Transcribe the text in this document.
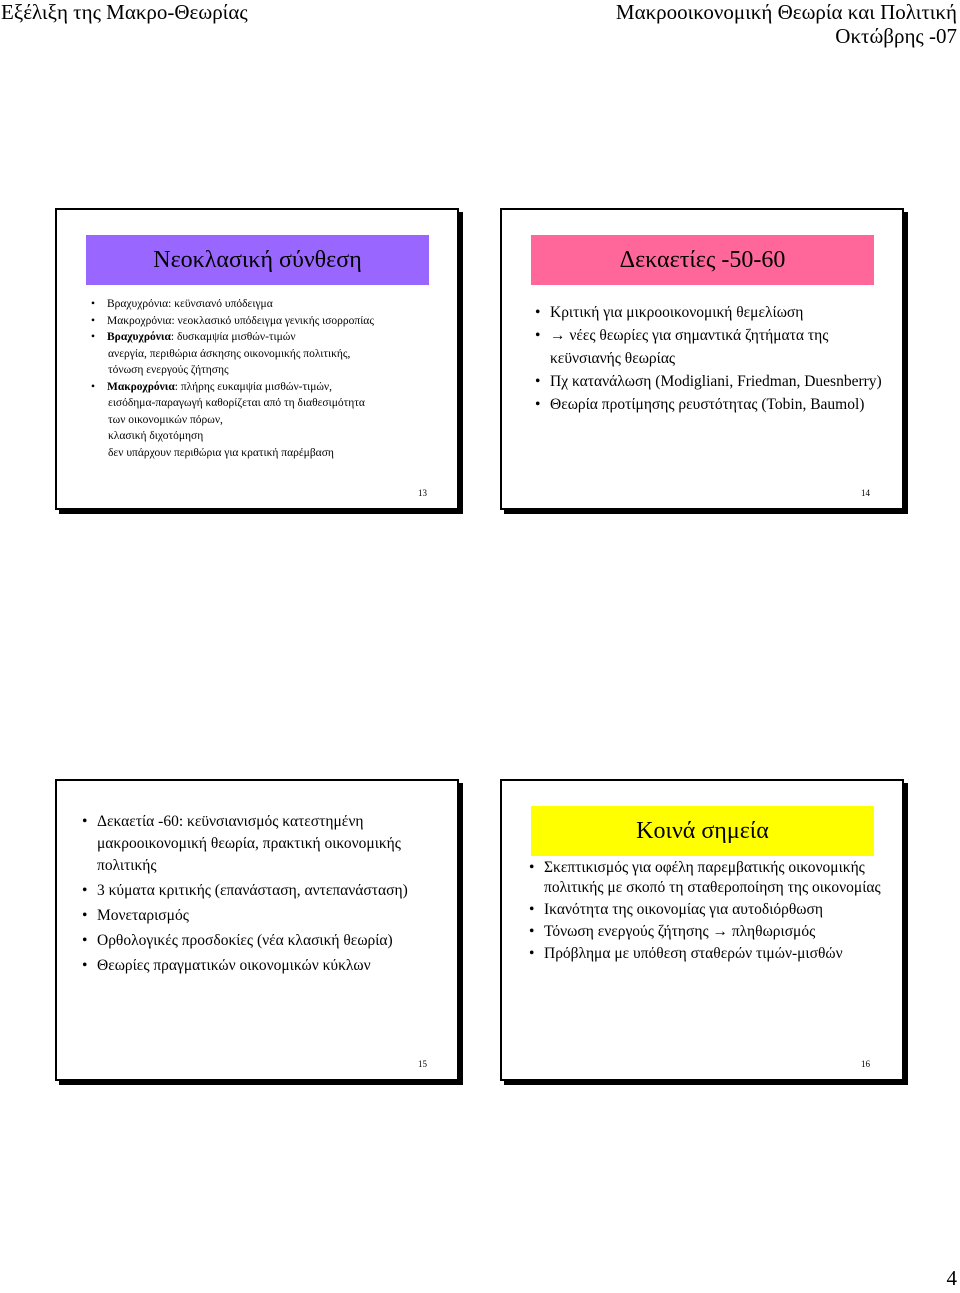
Εξέλιξη της Μακρο-Θεωρίας	Μακροοικονομική Θεωρία και Πολιτική
Οκτώβρης -07
Νεοκλασική σύνθεση
• Βραχυχρόνια: κεϋνσιανό υπόδειγμα
• Μακροχρόνια: νεοκλασικό υπόδειγμα γενικής ισορροπίας
• Βραχυχρόνια: δυσκαμψία μισθών-τιμών
ανεργία, περιθώρια άσκησης οικονομικής πολιτικής,
τόνωση ενεργούς ζήτησης
• Μακροχρόνια: πλήρης ευκαμψία μισθών-τιμών,
εισόδημα-παραγωγή καθορίζεται από τη διαθεσιμότητα
των οικονομικών πόρων,
κλασική διχοτόμηση
δεν υπάρχουν περιθώρια για κρατική παρέμβαση
13
Δεκαετίες -50-60
• Κριτική για μικροοικονομική θεμελίωση
• → νέες θεωρίες για σημαντικά ζητήματα της κεϋνσιανής θεωρίας
• Πχ κατανάλωση (Modigliani, Friedman, Duesnberry)
• Θεωρία προτίμησης ρευστότητας (Tobin, Baumol)
14
• Δεκαετία -60: κεϋνσιανισμός κατεστημένη μακροοικονομική θεωρία, πρακτική οικονομικής πολιτικής
• 3 κύματα κριτικής (επανάσταση, αντεπανάσταση)
• Μονεταρισμός
• Ορθολογικές προσδοκίες (νέα κλασική θεωρία)
• Θεωρίες πραγματικών οικονομικών κύκλων
15
Κοινά σημεία
• Σκεπτικισμός για οφέλη παρεμβατικής οικονομικής πολιτικής με σκοπό τη σταθεροποίηση της οικονομίας
• Ικανότητα της οικονομίας για αυτοδιόρθωση
• Τόνωση ενεργούς ζήτησης → πληθωρισμός
• Πρόβλημα με υπόθεση σταθερών τιμών-μισθών
16
4
